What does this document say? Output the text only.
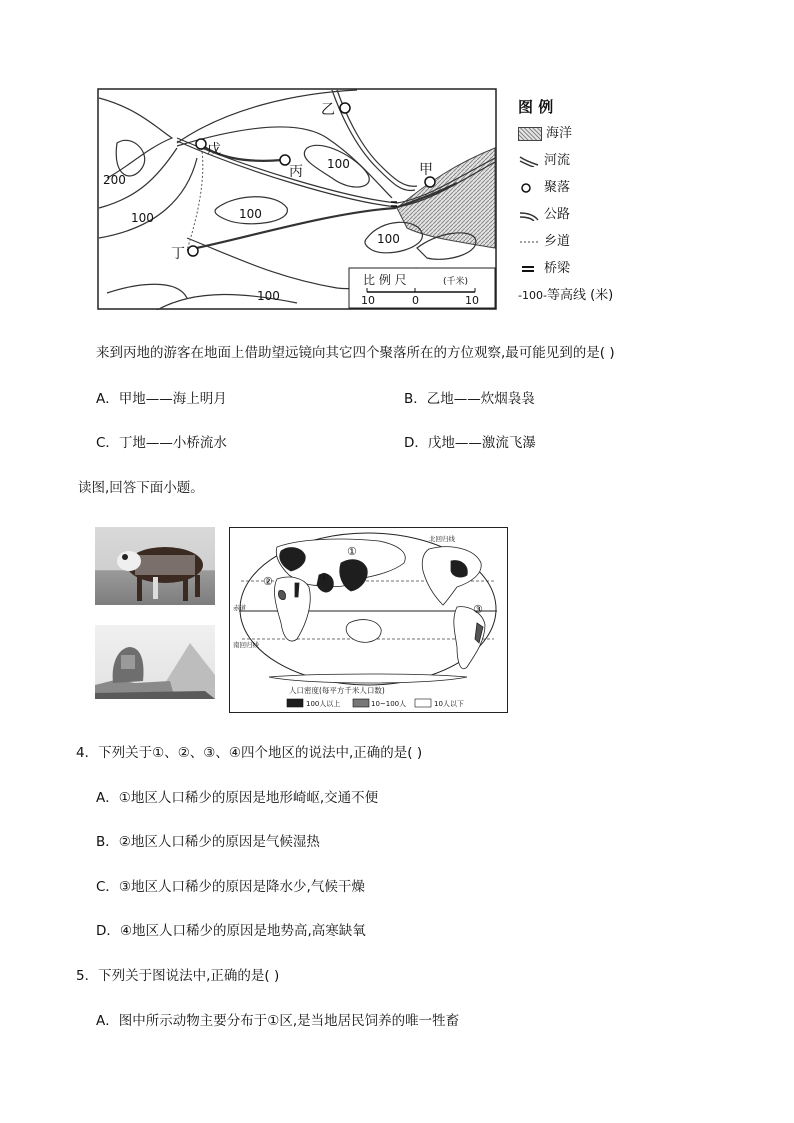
乙
戊
丙	甲
丁
200
100	100
100
100
100
比 例 尺	(千米)
10	0	10
图 例
海洋
河流
聚落
公路
乡道
桥梁
-100-等高线 (米)
来到丙地的游客在地面上借助望远镜向其它四个聚落所在的方位观察,最可能见到的是( )
A．甲地——海上明月	B．乙地——炊烟袅袅
C．丁地——小桥流水	D．戊地——激流飞瀑
读图,回答下面小题。
①
②
③
④
北回归线
赤道
南回归线
人口密度(每平方千米人口数)
100人以上	10~100人	10人以下
4．下列关于①、②、③、④四个地区的说法中,正确的是( )
A．①地区人口稀少的原因是地形崎岖,交通不便
B．②地区人口稀少的原因是气候湿热
C．③地区人口稀少的原因是降水少,气候干燥
D．④地区人口稀少的原因是地势高,高寒缺氧
5．下列关于图说法中,正确的是( )
A．图中所示动物主要分布于①区,是当地居民饲养的唯一牲畜
